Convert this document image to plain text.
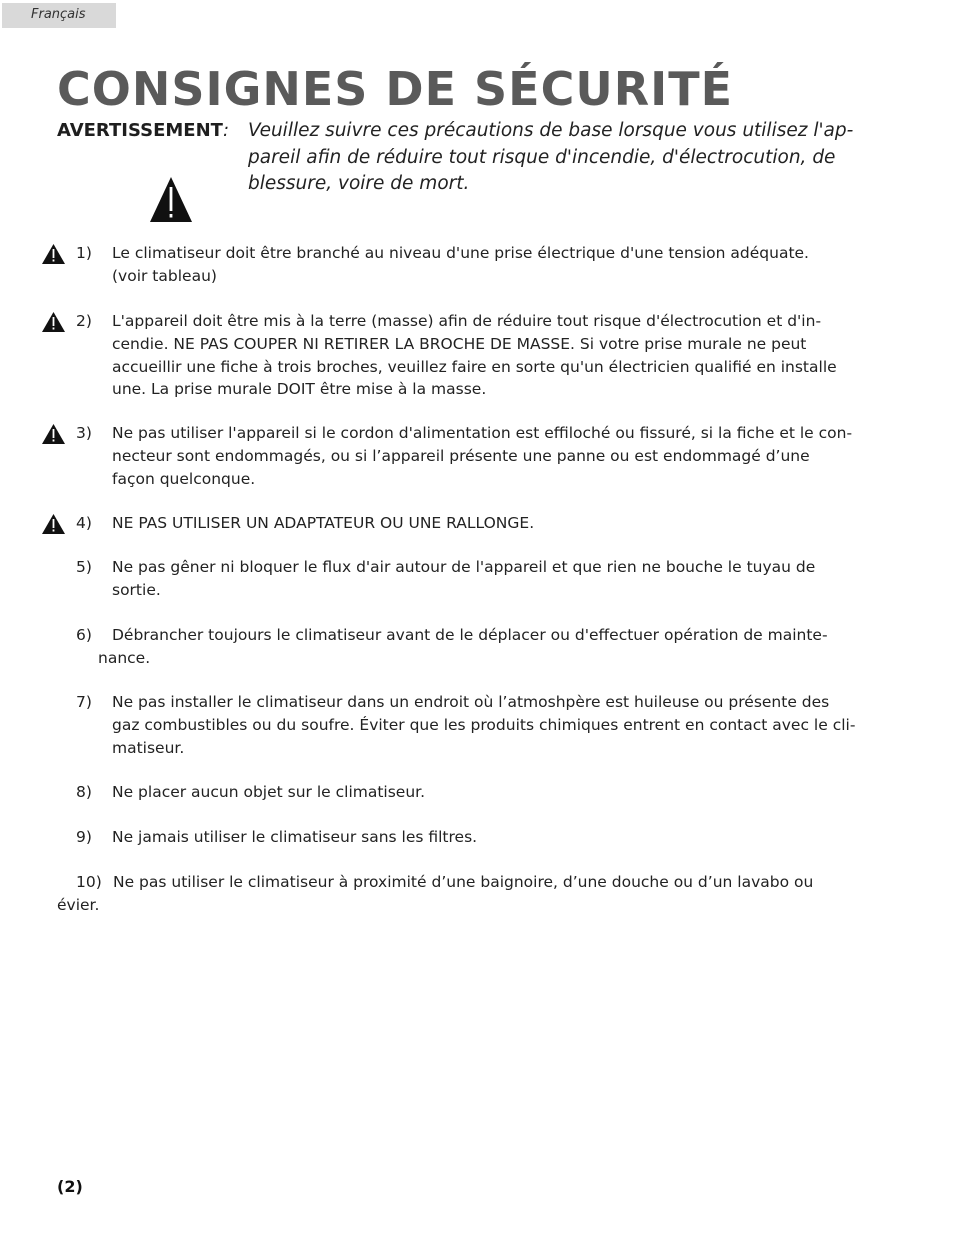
Français
CONSIGNES DE SÉCURITÉ
AVERTISSEMENT: Veuillez suivre ces précautions de base lorsque vous utilisez l'ap-pareil afin de réduire tout risque d'incendie, d'électrocution, de blessure, voire de mort.
1) Le climatiseur doit être branché au niveau d'une prise électrique d'une tension adéquate.
(voir tableau)
2) L'appareil doit être mis à la terre (masse) afin de réduire tout risque d'électrocution et d'in-
cendie. NE PAS COUPER NI RETIRER LA BROCHE DE MASSE. Si votre prise murale ne peut
accueillir une fiche à trois broches, veuillez faire en sorte qu'un électricien qualifié en installe
une. La prise murale DOIT être mise à la masse.
3) Ne pas utiliser l'appareil si le cordon d'alimentation est effiloché ou fissuré, si la fiche et le con-
necteur sont endommagés, ou si l’appareil présente une panne ou est endommagé d’une
façon quelconque.
4) NE PAS UTILISER UN ADAPTATEUR OU UNE RALLONGE.
5) Ne pas gêner ni bloquer le flux d'air autour de l'appareil et que rien ne bouche le tuyau de
sortie.
6) Débrancher toujours le climatiseur avant de le déplacer ou d'effectuer opération de mainte-
nance.
7) Ne pas installer le climatiseur dans un endroit où l’atmoshpère est huileuse ou présente des
gaz combustibles ou du soufre. Éviter que les produits chimiques entrent en contact avec le cli-
matiseur.
8) Ne placer aucun objet sur le climatiseur.
9) Ne jamais utiliser le climatiseur sans les filtres.
10) Ne pas utiliser le climatiseur à proximité d’une baignoire, d’une douche ou d’un lavabo ou
évier.
(2)
